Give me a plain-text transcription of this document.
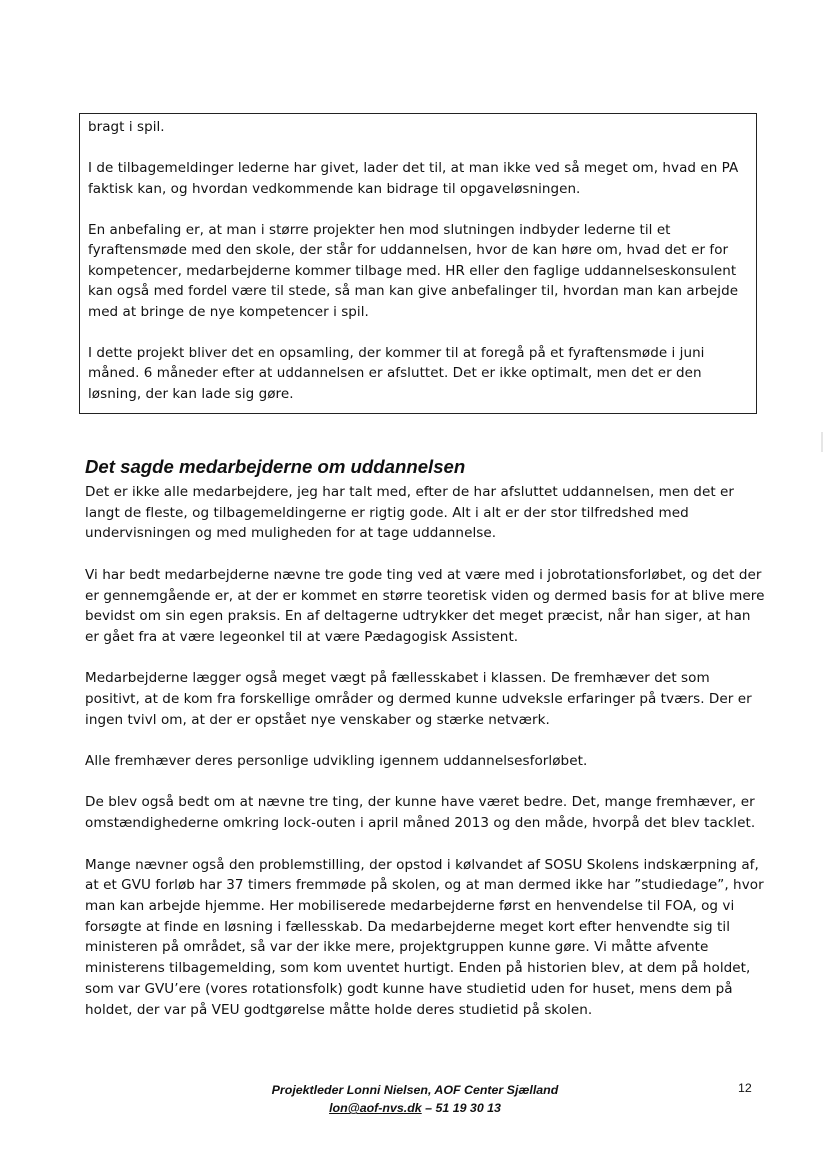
bragt i spil.

I de tilbagemeldinger lederne har givet, lader det til, at man ikke ved så meget om, hvad en PA faktisk kan, og hvordan vedkommende kan bidrage til opgaveløsningen.

En anbefaling er, at man i større projekter hen mod slutningen indbyder lederne til et fyraftensmøde med den skole, der står for uddannelsen, hvor de kan høre om, hvad det er for kompetencer, medarbejderne kommer tilbage med. HR eller den faglige uddannelseskonsulent kan også med fordel være til stede, så man kan give anbefalinger til, hvordan man kan arbejde med at bringe de nye kompetencer i spil.

I dette projekt bliver det en opsamling, der kommer til at foregå på et fyraftensmøde i juni måned. 6 måneder efter at uddannelsen er afsluttet. Det er ikke optimalt, men det er den løsning, der kan lade sig gøre.

Det sagde medarbejderne om uddannelsen

Det er ikke alle medarbejdere, jeg har talt med, efter de har afsluttet uddannelsen, men det er langt de fleste, og tilbagemeldingerne er rigtig gode. Alt i alt er der stor tilfredshed med undervisningen og med muligheden for at tage uddannelse.

Vi har bedt medarbejderne nævne tre gode ting ved at være med i jobrotationsforløbet, og det der er gennemgående er, at der er kommet en større teoretisk viden og dermed basis for at blive mere bevidst om sin egen praksis. En af deltagerne udtrykker det meget præcist, når han siger, at han er gået fra at være legeonkel til at være Pædagogisk Assistent.

Medarbejderne lægger også meget vægt på fællesskabet i klassen. De fremhæver det som positivt, at de kom fra forskellige områder og dermed kunne udveksle erfaringer på tværs. Der er ingen tvivl om, at der er opstået nye venskaber og stærke netværk.

Alle fremhæver deres personlige udvikling igennem uddannelsesforløbet.

De blev også bedt om at nævne tre ting, der kunne have været bedre. Det, mange fremhæver, er omstændighederne omkring lock-outen i april måned 2013 og den måde, hvorpå det blev tacklet.

Mange nævner også den problemstilling, der opstod i kølvandet af SOSU Skolens indskærpning af, at et GVU forløb har 37 timers fremmøde på skolen, og at man dermed ikke har ”studiedage”, hvor man kan arbejde hjemme. Her mobiliserede medarbejderne først en henvendelse til FOA, og vi forsøgte at finde en løsning i fællesskab. Da medarbejderne meget kort efter henvendte sig til ministeren på området, så var der ikke mere, projektgruppen kunne gøre. Vi måtte afvente ministerens tilbagemelding, som kom uventet hurtigt. Enden på historien blev, at dem på holdet, som var GVU’ere (vores rotationsfolk) godt kunne have studietid uden for huset, mens dem på holdet, der var på VEU godtgørelse måtte holde deres studietid på skolen.

Projektleder Lonni Nielsen, AOF Center Sjælland
lon@aof-nvs.dk – 51 19 30 13
12
